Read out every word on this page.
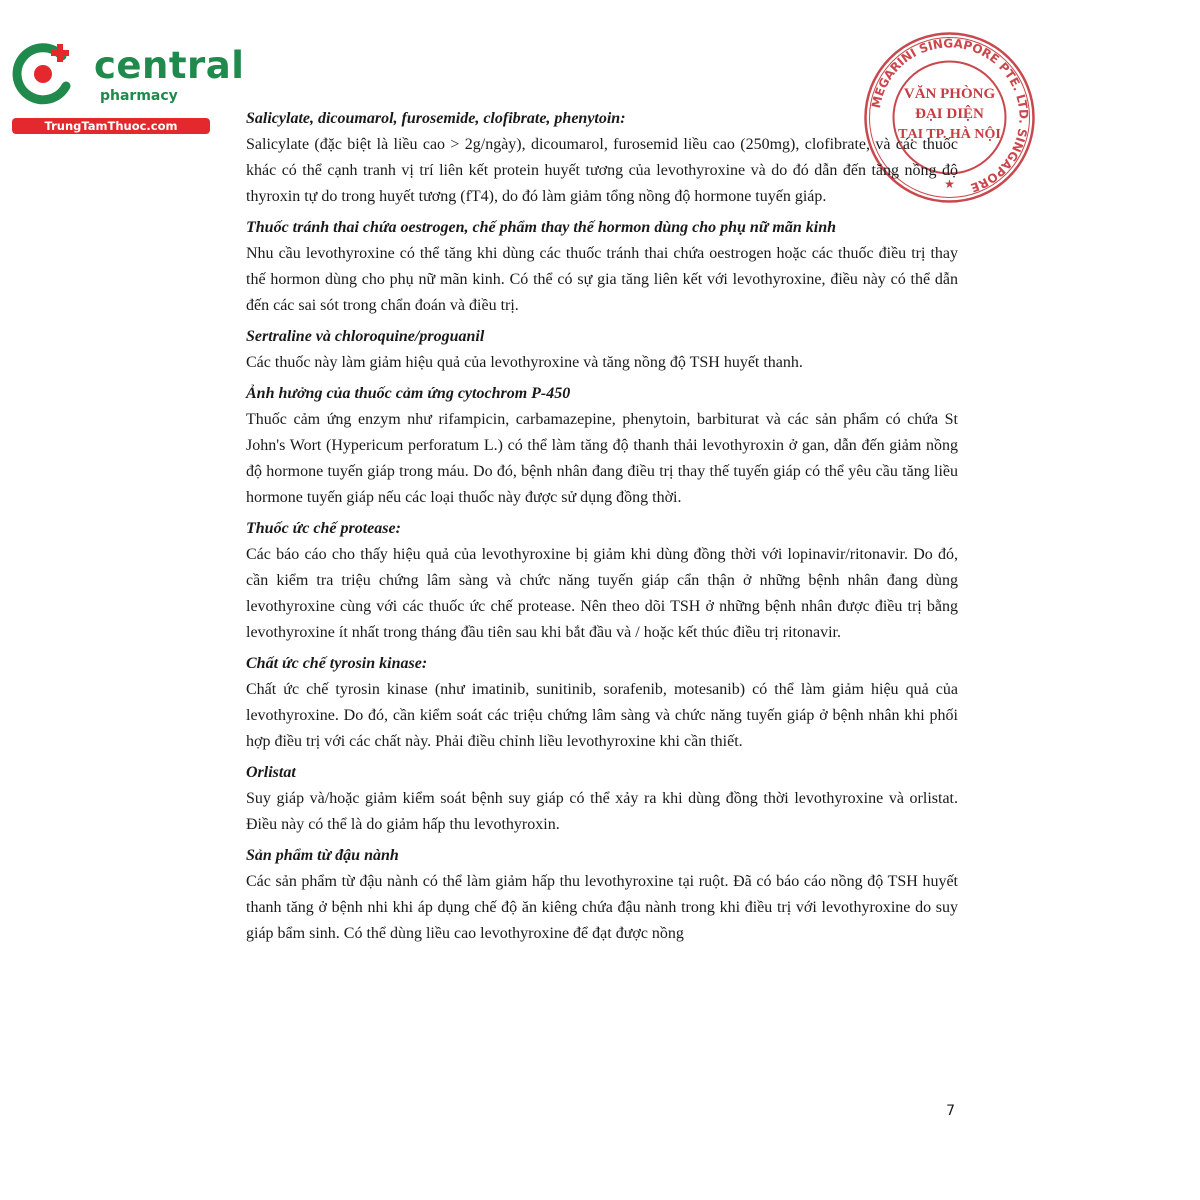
central
pharmacy
TrungTamThuoc.com
MEGARINI SINGAPORE PTE. LTD. SINGAPORE
VĂN PHÒNG
ĐẠI DIỆN
TẠI TP. HÀ NỘI
★

Salicylate, dicoumarol, furosemide, clofibrate, phenytoin:

Salicylate (đặc biệt là liều cao > 2g/ngày), dicoumarol, furosemid liều cao (250mg), clofibrate, và các thuốc khác có thể cạnh tranh vị trí liên kết protein huyết tương của levothyroxine và do đó dẫn đến tăng nồng độ thyroxin tự do trong huyết tương (fT4), do đó làm giảm tổng nồng độ hormone tuyến giáp.

Thuốc tránh thai chứa oestrogen, chế phẩm thay thế hormon dùng cho phụ nữ mãn kinh

Nhu cầu levothyroxine có thể tăng khi dùng các thuốc tránh thai chứa oestrogen hoặc các thuốc điều trị thay thế hormon dùng cho phụ nữ mãn kinh. Có thể có sự gia tăng liên kết với levothyroxine, điều này có thể dẫn đến các sai sót trong chẩn đoán và điều trị.

Sertraline và chloroquine/proguanil

Các thuốc này làm giảm hiệu quả của levothyroxine và tăng nồng độ TSH huyết thanh.

Ảnh hưởng của thuốc cảm ứng cytochrom P-450

Thuốc cảm ứng enzym như rifampicin, carbamazepine, phenytoin, barbiturat và các sản phẩm có chứa St John's Wort (Hypericum perforatum L.) có thể làm tăng độ thanh thải levothyroxin ở gan, dẫn đến giảm nồng độ hormone tuyến giáp trong máu. Do đó, bệnh nhân đang điều trị thay thế tuyến giáp có thể yêu cầu tăng liều hormone tuyến giáp nếu các loại thuốc này được sử dụng đồng thời.

Thuốc ức chế protease:

Các báo cáo cho thấy hiệu quả của levothyroxine bị giảm khi dùng đồng thời với lopinavir/ritonavir. Do đó, cần kiểm tra triệu chứng lâm sàng và chức năng tuyến giáp cẩn thận ở những bệnh nhân đang dùng levothyroxine cùng với các thuốc ức chế protease. Nên theo dõi TSH ở những bệnh nhân được điều trị bằng levothyroxine ít nhất trong tháng đầu tiên sau khi bắt đầu và / hoặc kết thúc điều trị ritonavir.

Chất ức chế tyrosin kinase:

Chất ức chế tyrosin kinase (như imatinib, sunitinib, sorafenib, motesanib) có thể làm giảm hiệu quả của levothyroxine. Do đó, cần kiểm soát các triệu chứng lâm sàng và chức năng tuyến giáp ở bệnh nhân khi phối hợp điều trị với các chất này. Phải điều chỉnh liều levothyroxine khi cần thiết.

Orlistat

Suy giáp và/hoặc giảm kiểm soát bệnh suy giáp có thể xảy ra khi dùng đồng thời levothyroxine và orlistat. Điều này có thể là do giảm hấp thu levothyroxin.

Sản phẩm từ đậu nành

Các sản phẩm từ đậu nành có thể làm giảm hấp thu levothyroxine tại ruột. Đã có báo cáo nồng độ TSH huyết thanh tăng ở bệnh nhi khi áp dụng chế độ ăn kiêng chứa đậu nành trong khi điều trị với levothyroxine do suy giáp bẩm sinh. Có thể dùng liều cao levothyroxine để đạt được nồng

7
